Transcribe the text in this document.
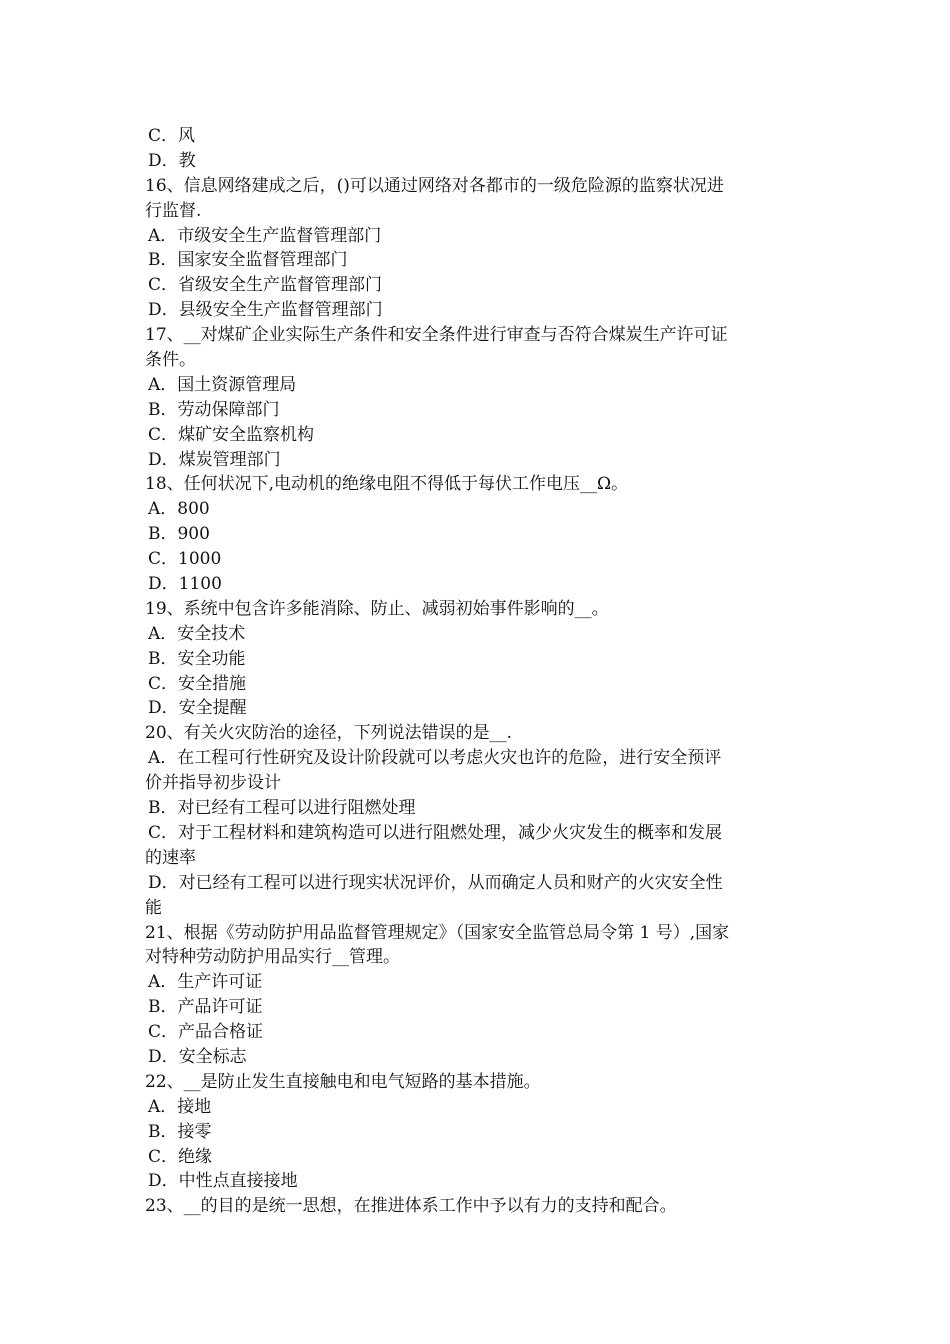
C．风
D．教
16、信息网络建成之后，()可以通过网络对各都市的一级危险源的监察状况进
行监督.
A．市级安全生产监督管理部门
B．国家安全监督管理部门
C．省级安全生产监督管理部门
D．县级安全生产监督管理部门
17、__对煤矿企业实际生产条件和安全条件进行审查与否符合煤炭生产许可证
条件。
A．国土资源管理局
B．劳动保障部门
C．煤矿安全监察机构
D．煤炭管理部门
18、任何状况下,电动机的绝缘电阻不得低于每伏工作电压__Ω。
A．800
B．900
C．1000
D．1100
19、系统中包含许多能消除、防止、减弱初始事件影响的__。
A．安全技术
B．安全功能
C．安全措施
D．安全提醒
20、有关火灾防治的途径，下列说法错误的是__.
A．在工程可行性研究及设计阶段就可以考虑火灾也许的危险，进行安全预评
价并指导初步设计
B．对已经有工程可以进行阻燃处理
C．对于工程材料和建筑构造可以进行阻燃处理，减少火灾发生的概率和发展
的速率
D．对已经有工程可以进行现实状况评价，从而确定人员和财产的火灾安全性
能
21、根据《劳动防护用品监督管理规定》（国家安全监管总局令第 1 号）,国家
对特种劳动防护用品实行__管理。
A．生产许可证
B．产品许可证
C．产品合格证
D．安全标志
22、__是防止发生直接触电和电气短路的基本措施。
A．接地
B．接零
C．绝缘
D．中性点直接接地
23、__的目的是统一思想，在推进体系工作中予以有力的支持和配合。
